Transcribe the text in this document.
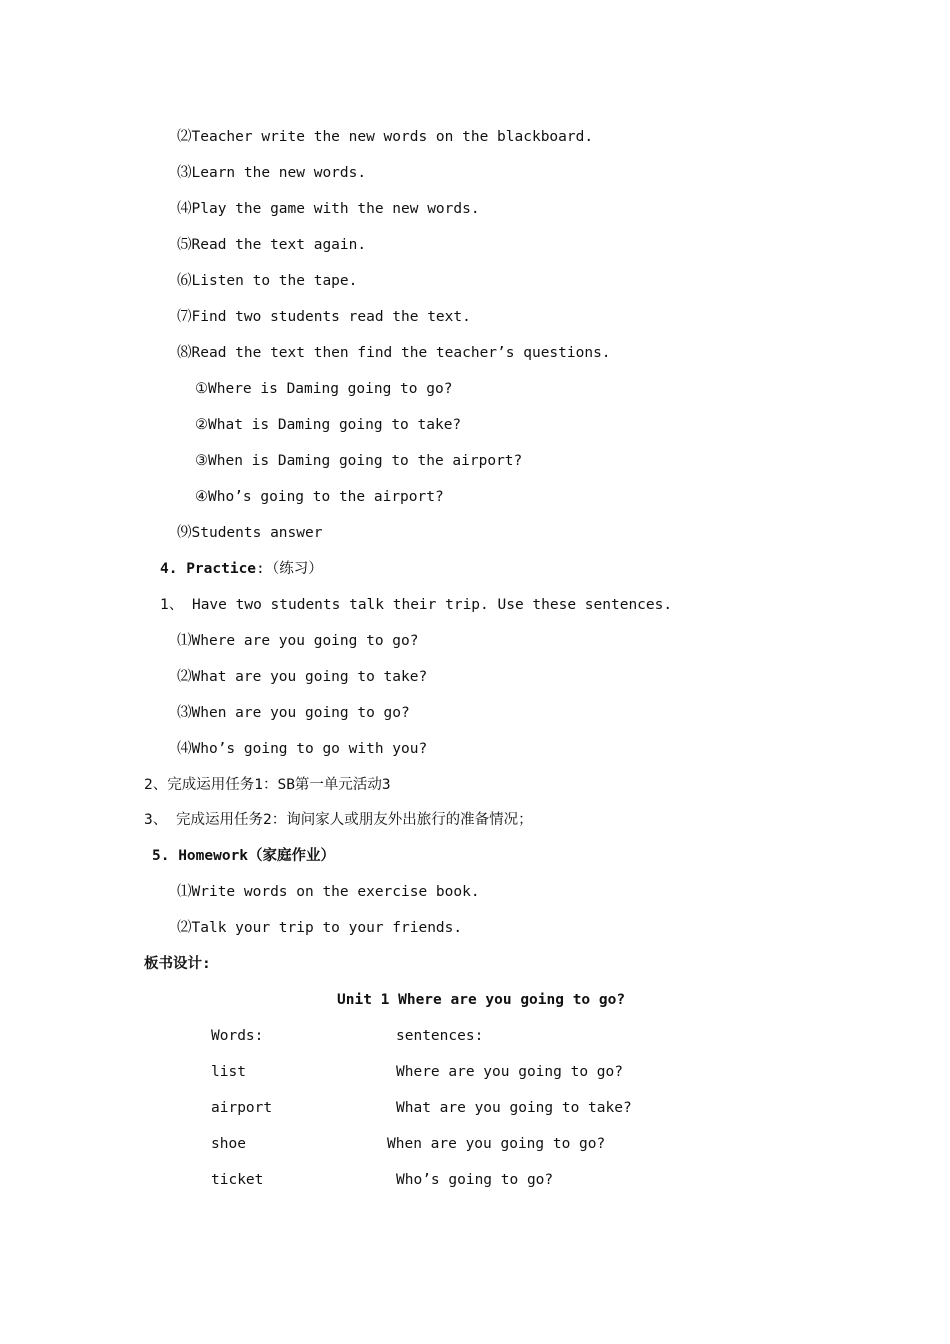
⑵Teacher write the new words on the blackboard.
⑶Learn the new words.
⑷Play the game with the new words.
⑸Read the text again.
⑹Listen to the tape.
⑺Find two students read the text.
⑻Read the text then find the teacher’s questions.
①Where is Daming going to go?
②What is Daming going to take?
③When is Daming going to the airport?
④Who’s going to the airport?
⑼Students answer
4. Practice:（练习）
1、 Have two students talk their trip. Use these sentences.
⑴Where are you going to go?
⑵What are you going to take?
⑶When are you going to go?
⑷Who’s going to go with you?
2、完成运用任务1：SB第一单元活动3
3、 完成运用任务2：询问家人或朋友外出旅行的准备情况；
5. Homework（家庭作业）
⑴Write words on the exercise book.
⑵Talk your trip to your friends.
板书设计:
Unit 1 Where are you going to go?
Words:	sentences:
list	Where are you going to go?
airport	What are you going to take?
shoe	When are you going to go?
ticket	Who’s going to go?
